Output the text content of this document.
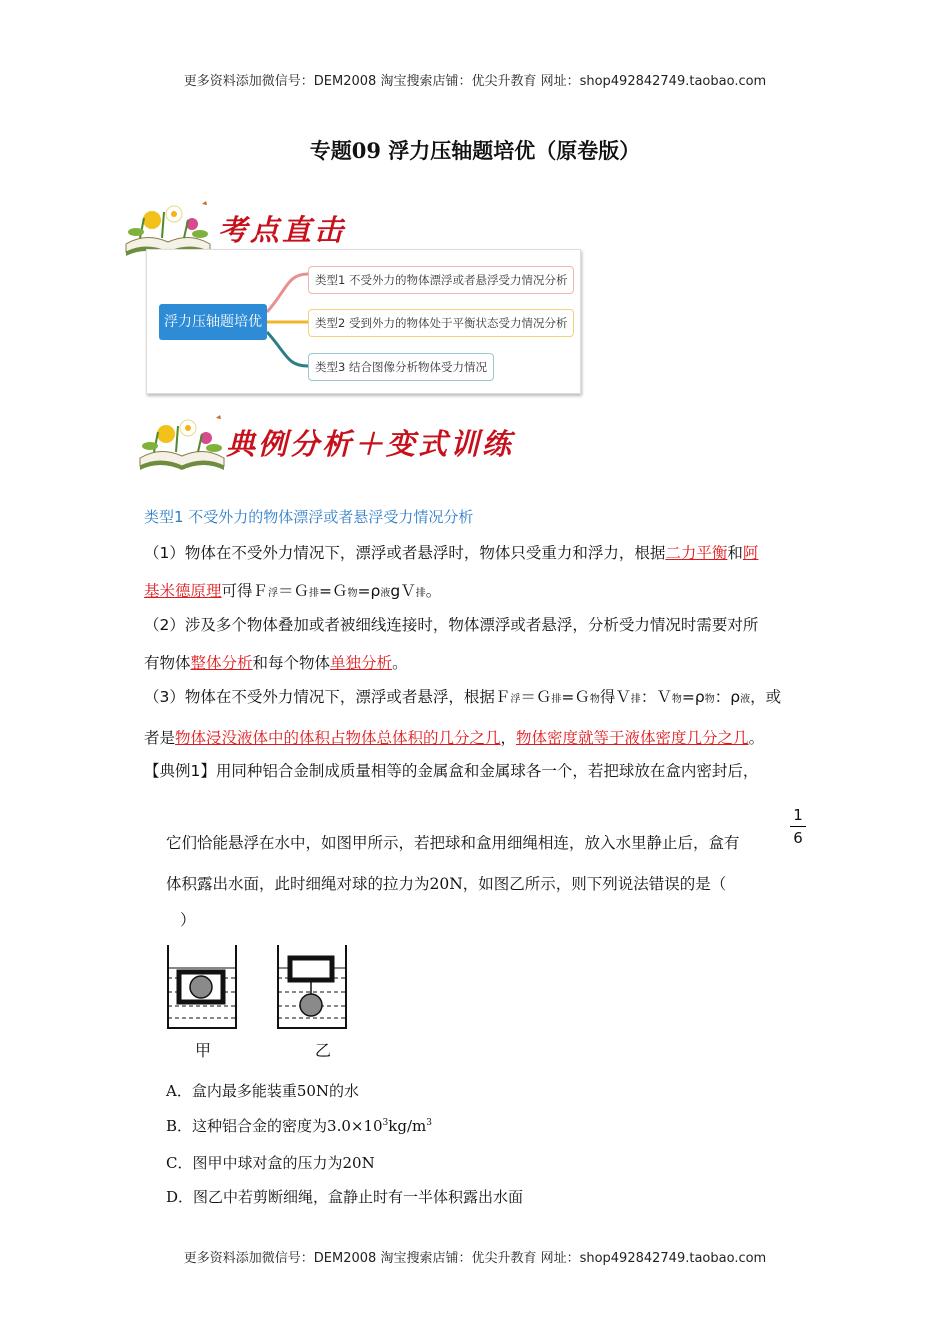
更多资料添加微信号：DEM2008 淘宝搜索店铺：优尖升教育 网址：shop492842749.taobao.com
专题09 浮力压轴题培优（原卷版）
考点直击
浮力压轴题培优
类型1 不受外力的物体漂浮或者悬浮受力情况分析
类型2 受到外力的物体处于平衡状态受力情况分析
类型3 结合图像分析物体受力情况
典例分析＋变式训练
类型1 不受外力的物体漂浮或者悬浮受力情况分析
（1）物体在不受外力情况下，漂浮或者悬浮时，物体只受重力和浮力，根据二力平衡和阿
基米德原理可得Ｆ浮＝Ｇ排=Ｇ物=ρ液gＶ排。
（2）涉及多个物体叠加或者被细线连接时，物体漂浮或者悬浮，分析受力情况时需要对所
有物体整体分析和每个物体单独分析。
（3）物体在不受外力情况下，漂浮或者悬浮，根据Ｆ浮＝Ｇ排=Ｇ物得Ｖ排：Ｖ物=ρ物：ρ液，或
者是物体浸没液体中的体积占物体总体积的几分之几，物体密度就等于液体密度几分之几。
【典例1】用同种铝合金制成质量相等的金属盒和金属球各一个，若把球放在盒内密封后，
它们恰能悬浮在水中，如图甲所示，若把球和盒用细绳相连，放入水里静止后，盒有
1
6
体积露出水面，此时细绳对球的拉力为20N，如图乙所示，则下列说法错误的是（
）
甲	乙
A．盒内最多能装重50N的水
B．这种铝合金的密度为$3.0\times 10^3kg/m^3$
C．图甲中球对盒的压力为20N
D．图乙中若剪断细绳，盒静止时有一半体积露出水面
更多资料添加微信号：DEM2008 淘宝搜索店铺：优尖升教育 网址：shop492842749.taobao.com
